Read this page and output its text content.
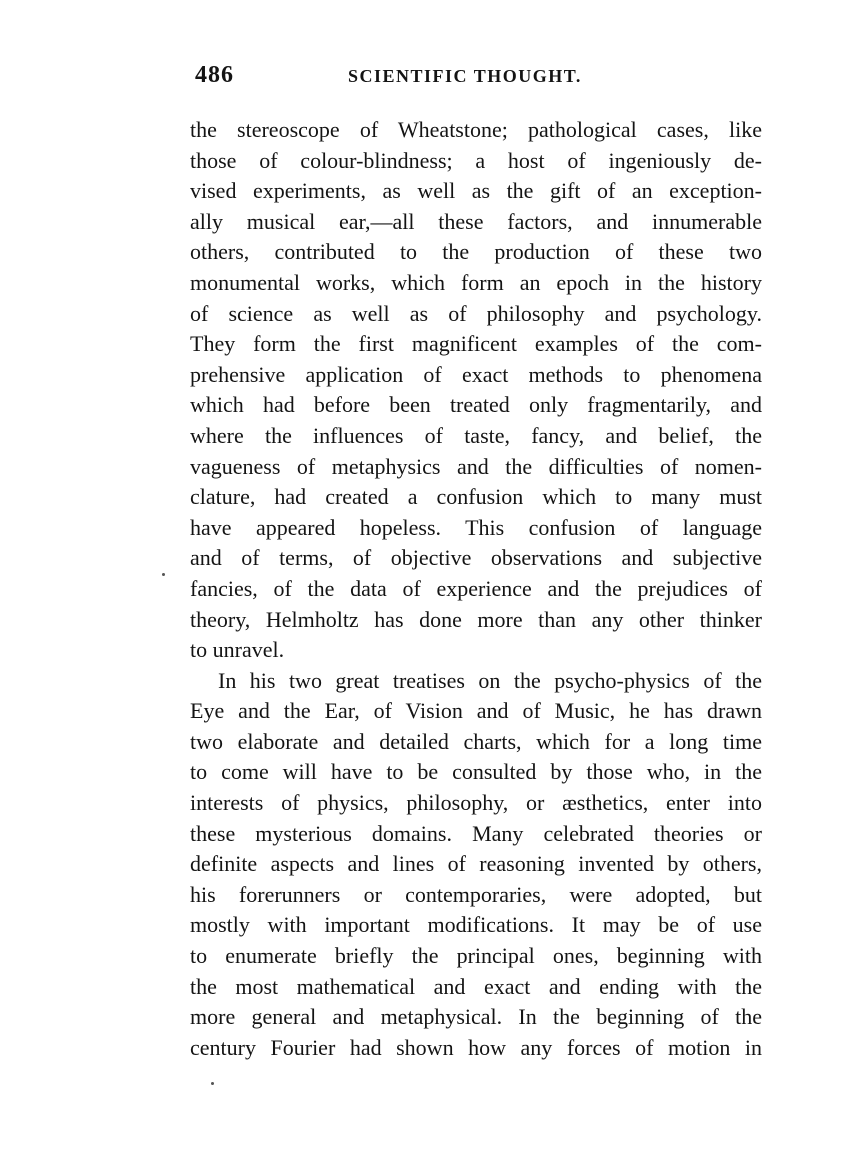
486	SCIENTIFIC THOUGHT.
the stereoscope of Wheatstone; pathological cases, like
those of colour-blindness; a host of ingeniously de-
vised experiments, as well as the gift of an exception-
ally musical ear,—all these factors, and innumerable
others, contributed to the production of these two
monumental works, which form an epoch in the history
of science as well as of philosophy and psychology.
They form the first magnificent examples of the com-
prehensive application of exact methods to phenomena
which had before been treated only fragmentarily, and
where the influences of taste, fancy, and belief, the
vagueness of metaphysics and the difficulties of nomen-
clature, had created a confusion which to many must
have appeared hopeless. This confusion of language
and of terms, of objective observations and subjective
fancies, of the data of experience and the prejudices of
theory, Helmholtz has done more than any other thinker
to unravel.
In his two great treatises on the psycho-physics of the
Eye and the Ear, of Vision and of Music, he has drawn
two elaborate and detailed charts, which for a long time
to come will have to be consulted by those who, in the
interests of physics, philosophy, or æsthetics, enter into
these mysterious domains. Many celebrated theories or
definite aspects and lines of reasoning invented by others,
his forerunners or contemporaries, were adopted, but
mostly with important modifications. It may be of use
to enumerate briefly the principal ones, beginning with
the most mathematical and exact and ending with the
more general and metaphysical. In the beginning of the
century Fourier had shown how any forces of motion in
